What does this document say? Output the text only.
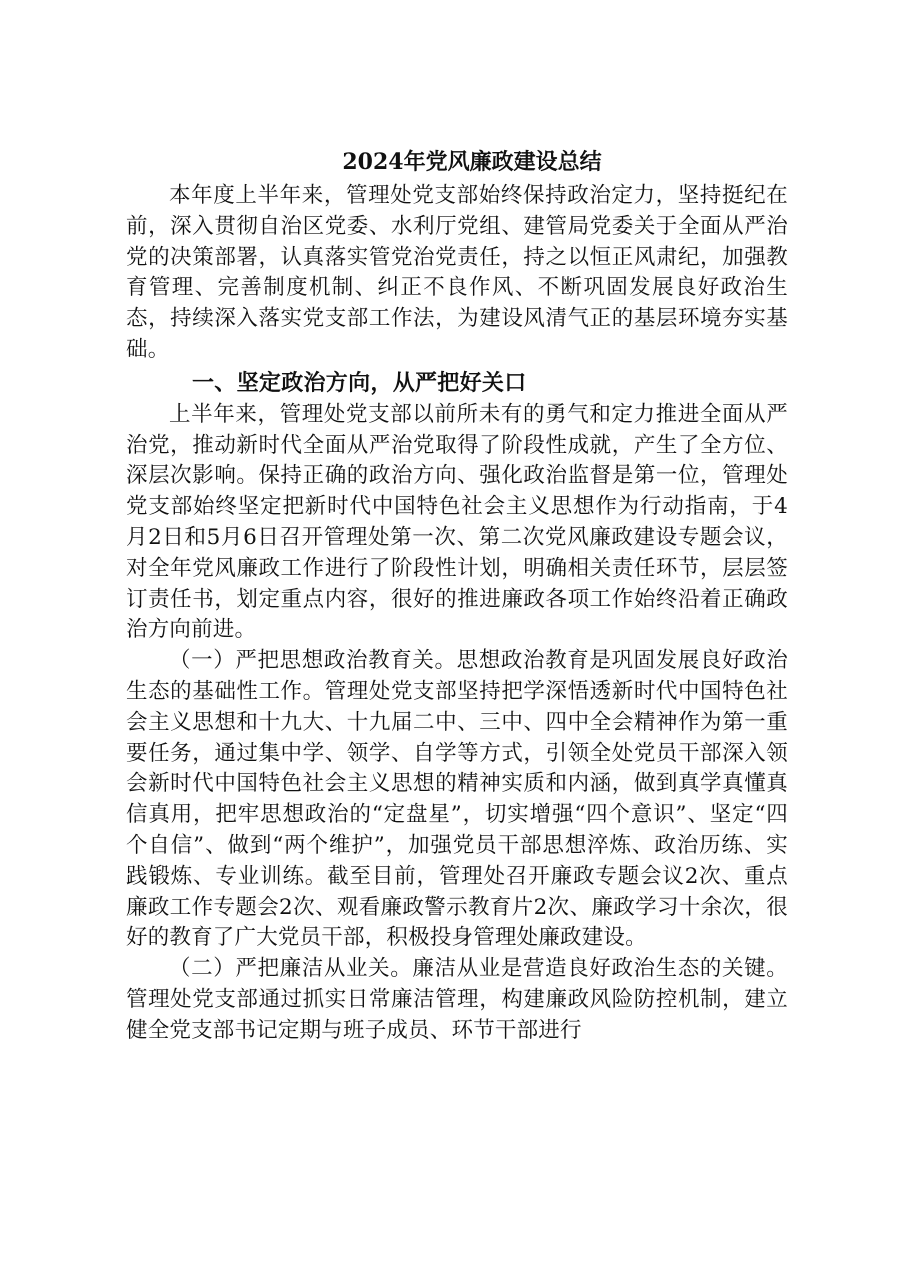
2024年党风廉政建设总结

本年度上半年来，管理处党支部始终保持政治定力，坚持挺纪在前，深入贯彻自治区党委、水利厅党组、建管局党委关于全面从严治党的决策部署，认真落实管党治党责任，持之以恒正风肃纪，加强教育管理、完善制度机制、纠正不良作风、不断巩固发展良好政治生态，持续深入落实党支部工作法，为建设风清气正的基层环境夯实基础。

一、坚定政治方向，从严把好关口

上半年来，管理处党支部以前所未有的勇气和定力推进全面从严治党，推动新时代全面从严治党取得了阶段性成就，产生了全方位、深层次影响。保持正确的政治方向、强化政治监督是第一位，管理处党支部始终坚定把新时代中国特色社会主义思想作为行动指南，于4月2日和5月6日召开管理处第一次、第二次党风廉政建设专题会议，对全年党风廉政工作进行了阶段性计划，明确相关责任环节，层层签订责任书，划定重点内容，很好的推进廉政各项工作始终沿着正确政治方向前进。

（一）严把思想政治教育关。思想政治教育是巩固发展良好政治生态的基础性工作。管理处党支部坚持把学深悟透新时代中国特色社会主义思想和十九大、十九届二中、三中、四中全会精神作为第一重要任务，通过集中学、领学、自学等方式，引领全处党员干部深入领会新时代中国特色社会主义思想的精神实质和内涵，做到真学真懂真信真用，把牢思想政治的“定盘星”，切实增强“四个意识”、坚定“四个自信”、做到“两个维护”，加强党员干部思想淬炼、政治历练、实践锻炼、专业训练。截至目前，管理处召开廉政专题会议2次、重点廉政工作专题会2次、观看廉政警示教育片2次、廉政学习十余次，很好的教育了广大党员干部，积极投身管理处廉政建设。

（二）严把廉洁从业关。廉洁从业是营造良好政治生态的关键。管理处党支部通过抓实日常廉洁管理，构建廉政风险防控机制，建立健全党支部书记定期与班子成员、环节干部进行
